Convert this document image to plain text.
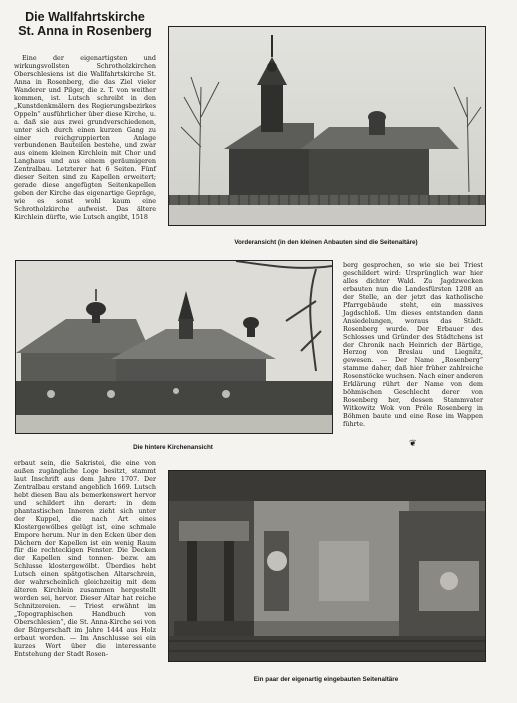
Die Wallfahrtskirche
St. Anna in Rosenberg

Eine der eigenartigsten und wirkungsvollsten Schrotholzkirchen Oberschlesiens ist die Wallfahrtskirche St. Anna in Rosenberg, die das Ziel vieler Wanderer und Pilger, die z. T. von weither kommen, ist. Lutsch schreibt in den „Kunstdenkmälern des Regierungsbezirkes Oppeln“ ausführlicher über diese Kirche, u. a. daß sie aus zwei grundverschiedenen, unter sich durch einen kurzen Gang zu einer reichgruppierten Anlage verbundenen Bauteilen bestehe, und zwar aus einem kleinen Kirchlein mit Chor und Langhaus und aus einem geräumigeren Zentralbau. Letzterer hat 6 Seiten. Fünf dieser Seiten sind zu Kapellen erweitert; gerade diese angefügten Seitenkapellen geben der Kirche das eigenartige Gepräge, wie es sonst wohl kaum eine Schrotholzkirche aufweist. Das ältere Kirchlein dürfte, wie Lutsch angibt, 1518

Vorderansicht (in den kleinen Anbauten sind die Seitenaltäre)
Die hintere Kirchenansicht

berg gesprochen, so wie sie bei Triest geschildert wird: Ursprünglich war hier alles dichter Wald. Zu Jagdzwecken erbauten nun die Landesfürsten 1208 an der Stelle, an der jetzt das katholische Pfarrgebäude steht, ein massives Jagdschloß. Um dieses entstanden dann Ansiedelungen, woraus das Städt. Rosenberg wurde. Der Erbauer des Schlosses und Gründer des Städtchens ist der Chronik nach Heinrich der Bärtige, Herzog von Breslau und Liegnitz, gewesen. — Der Name „Rosenberg“ stamme daher, daß hier früher zahlreiche Rosenstöcke wuchsen. Nach einer anderen Erklärung rührt der Name von dem böhmischen Geschlecht derer von Rosenberg her, dessen Stammvater Witkowitz Wok von Préle Rosenberg in Böhmen baute und eine Rose im Wappen führte.

❦

erbaut sein, die Sakristei, die eine von außen zugängliche Loge besitzt, stammt laut Inschrift aus dem Jahre 1707. Der Zentralbau erstand angeblich 1669. Lutsch hebt diesen Bau als bemerkenswert hervor und schildert ihn derart: in dem phantastischen Inneren zieht sich unter der Kuppel, die nach Art eines Klostergewölbes gelügt ist, eine schmale Empore herum. Nur in den Ecken über den Dächern der Kapellen ist ein wenig Raum für die rechteckigen Fenster. Die Decken der Kapellen sind tonnen- bezw. am Schlusse klostergewölbt. Überdies hebt Lutsch einen spätgotischen Altarschrein, der wahrscheinlich gleichzeitig mit dem älteren Kirchlein zusammen hergestellt worden sei, hervor. Dieser Altar hat reiche Schnitzereien. — Triest erwähnt im „Topographischen Handbuch von Oberschlesien“, die St. Anna-Kirche sei von der Bürgerschaft im Jahre 1444 aus Holz erbaut worden. — Im Anschlusse sei ein kurzes Wort über die interessante Entstehung der Stadt Rosen-

Ein paar der eigenartig eingebauten Seitenaltäre
